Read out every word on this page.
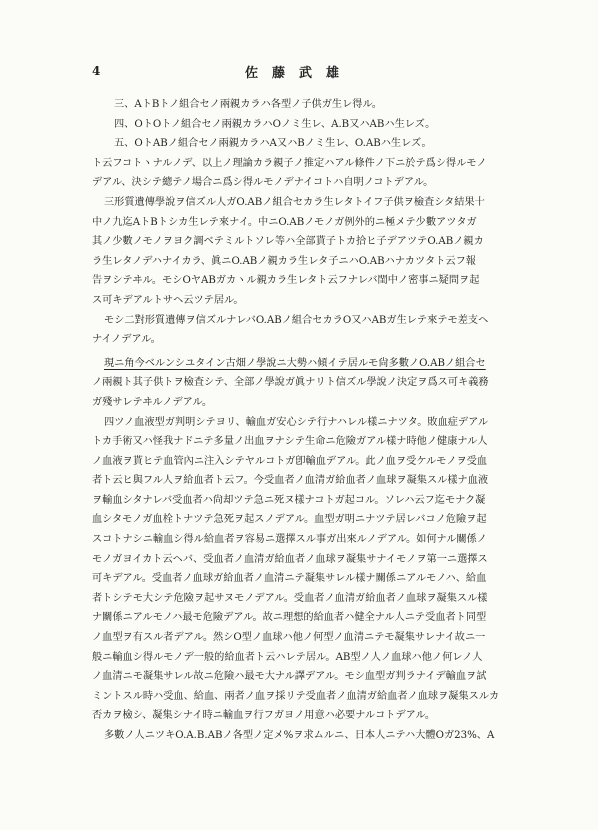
4	佐藤武雄
三、AトBトノ組合セノ兩親カラハ各型ノ子供ガ生レ得ル。
四、OトOトノ組合セノ兩親カラハOノミ生レ、A.B又ハABハ生レズ。
五、OトABノ組合セノ兩親カラハA又ハBノミ生レ、O.ABハ生レズ。
ト云フコトヽナルノデ、以上ノ理論カラ親子ノ推定ハアル條件ノ下ニ於テ爲シ得ルモノ
デアル、決シテ總テノ場合ニ爲シ得ルモノデナイコトハ自明ノコトデアル。
三形質遺傳學說ヲ信ズル人ガO.ABノ組合セカラ生レタトイフ子供ヲ檢査シタ結果十
中ノ九迄AトBトシカ生レテ來ナイ。中ニO.ABノモノガ例外的ニ極メテ少數アツタガ
其ノ少數ノモノヲヨク調ベテミルトソレ等ハ全部貰子トカ拾ヒ子デアツテO.ABノ親カ
ラ生レタノデハナイカラ、眞ニO.ABノ親カラ生レタ子ニハO.ABハナカツタト云フ報
告ヲシテヰル。モシOヤABガカヽル親カラ生レタト云フナレバ閨中ノ密事ニ疑問ヲ起
ス可キデアルトサヘ云ツテ居ル。
モシ二對形質遺傳ヲ信ズルナレバO.ABノ組合セカラO又ハABガ生レテ來テモ差支ヘ
ナイノデアル。
現ニ角今ベルンシユタイン古畑ノ學說ニ大勢ハ傾イテ居ルモ尙多數ノO.ABノ組合セ
ノ兩親ト其子供トヲ檢査シテ、全部ノ學說ガ眞ナリト信ズル學說ノ決定ヲ爲ス可キ義務
ガ殘サレテヰルノデアル。
四ツノ血液型ガ判明シテヨリ、輸血ガ安心シテ行ナハレル樣ニナツタ。敗血症デアル
トカ手術又ハ怪我ナドニテ多量ノ出血ヲナシテ生命ニ危險ガアル樣ナ時他ノ健康ナル人
ノ血液ヲ貰ヒテ血管內ニ注入シテヤルコトガ卽輸血デアル。此ノ血ヲ受ケルモノヲ受血
者ト云ヒ與フル人ヲ給血者ト云フ。今受血者ノ血清ガ給血者ノ血球ヲ凝集スル樣ナ血液
ヲ輸血シタナレバ受血者ハ尙却ツテ急ニ死ヌ樣ナコトガ起コル。ソレハ云フ迄モナク凝
血シタモノガ血栓トナツテ急死ヲ起スノデアル。血型ガ明ニナツテ居レバコノ危險ヲ起
スコトナシニ輸血シ得ル給血者ヲ容易ニ選擇スル事ガ出來ルノデアル。如何ナル關係ノ
モノガヨイカト云ヘバ、受血者ノ血清ガ給血者ノ血球ヲ凝集サナイモノヲ第一ニ選擇ス
可キデアル。受血者ノ血球ガ給血者ノ血清ニテ凝集サレル樣ナ關係ニアルモノハ、給血
者トシテモ大シテ危險ヲ起サヌモノデアル。受血者ノ血清ガ給血者ノ血球ヲ凝集スル樣
ナ關係ニアルモノハ最モ危險デアル。故ニ理想的給血者ハ健全ナル人ニテ受血者ト同型
ノ血型ヲ有スル者デアル。然シO型ノ血球ハ他ノ何型ノ血清ニテモ凝集サレナイ故ニ一
般ニ輸血シ得ルモノデ一般的給血者ト云ハレテ居ル。AB型ノ人ノ血球ハ他ノ何レノ人
ノ血清ニモ凝集サレル故ニ危險ハ最モ大ナル譯デアル。モシ血型ガ判ラナイデ輸血ヲ試
ミントスル時ハ受血、給血、兩者ノ血ヲ採リテ受血者ノ血清ガ給血者ノ血球ヲ凝集スルカ
否カヲ檢シ、凝集シナイ時ニ輸血ヲ行フガヨノ用意ハ必要ナルコトデアル。
多數ノ人ニツキO.A.B.ABノ各型ノ定メ%ヲ求ムルニ、日本人ニテハ大體Oガ23%、A
